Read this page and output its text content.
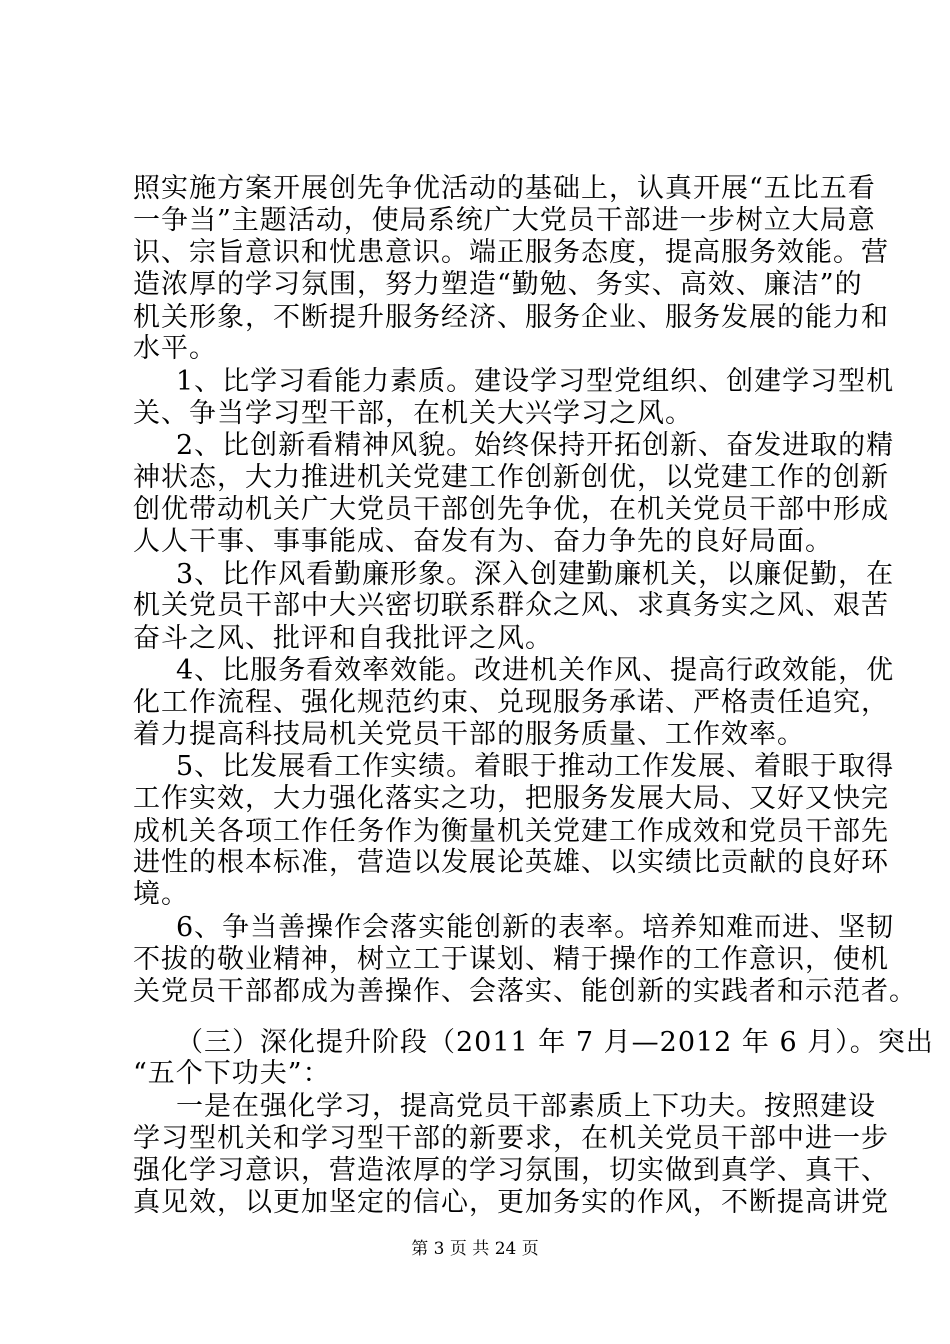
照实施方案开展创先争优活动的基础上，认真开展“五比五看
一争当”主题活动，使局系统广大党员干部进一步树立大局意
识、宗旨意识和忧患意识。端正服务态度，提高服务效能。营
造浓厚的学习氛围，努力塑造“勤勉、务实、高效、廉洁”的
机关形象，不断提升服务经济、服务企业、服务发展的能力和
水平。
1、比学习看能力素质。建设学习型党组织、创建学习型机
关、争当学习型干部，在机关大兴学习之风。
2、比创新看精神风貌。始终保持开拓创新、奋发进取的精
神状态，大力推进机关党建工作创新创优，以党建工作的创新
创优带动机关广大党员干部创先争优，在机关党员干部中形成
人人干事、事事能成、奋发有为、奋力争先的良好局面。
3、比作风看勤廉形象。深入创建勤廉机关，以廉促勤，在
机关党员干部中大兴密切联系群众之风、求真务实之风、艰苦
奋斗之风、批评和自我批评之风。
4、比服务看效率效能。改进机关作风、提高行政效能，优
化工作流程、强化规范约束、兑现服务承诺、严格责任追究，
着力提高科技局机关党员干部的服务质量、工作效率。
5、比发展看工作实绩。着眼于推动工作发展、着眼于取得
工作实效，大力强化落实之功，把服务发展大局、又好又快完
成机关各项工作任务作为衡量机关党建工作成效和党员干部先
进性的根本标准，营造以发展论英雄、以实绩比贡献的良好环
境。
6、争当善操作会落实能创新的表率。培养知难而进、坚韧
不拔的敬业精神，树立工于谋划、精于操作的工作意识，使机
关党员干部都成为善操作、会落实、能创新的实践者和示范者。
（三）深化提升阶段（2011 年 7 月—2012 年 6 月）。突出
“五个下功夫”：
一是在强化学习，提高党员干部素质上下功夫。按照建设
学习型机关和学习型干部的新要求，在机关党员干部中进一步
强化学习意识，营造浓厚的学习氛围，切实做到真学、真干、
真见效，以更加坚定的信心，更加务实的作风，不断提高讲党
第 3 页 共 24 页
